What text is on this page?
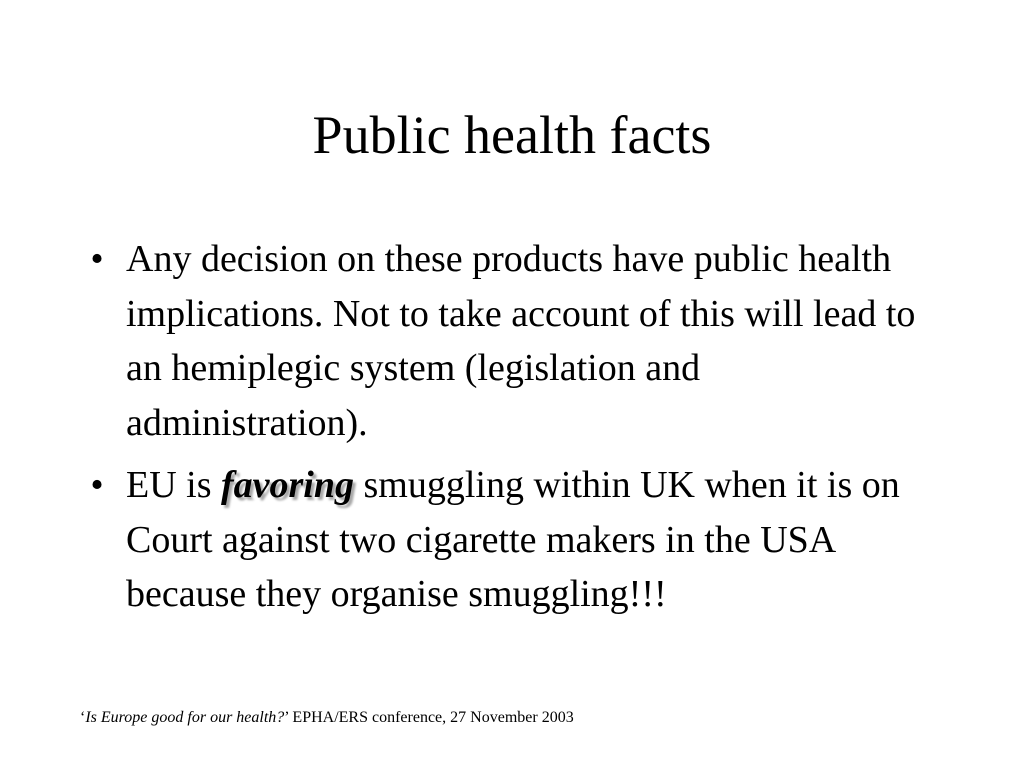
Public health facts
• Any decision on these products have public health implications. Not to take account of this will lead to an hemiplegic system (legislation and administration).
• EU is favoring smuggling within UK when it is on Court against two cigarette makers in the USA because they organise smuggling!!!
‘Is Europe good for our health?’ EPHA/ERS conference, 27 November 2003
